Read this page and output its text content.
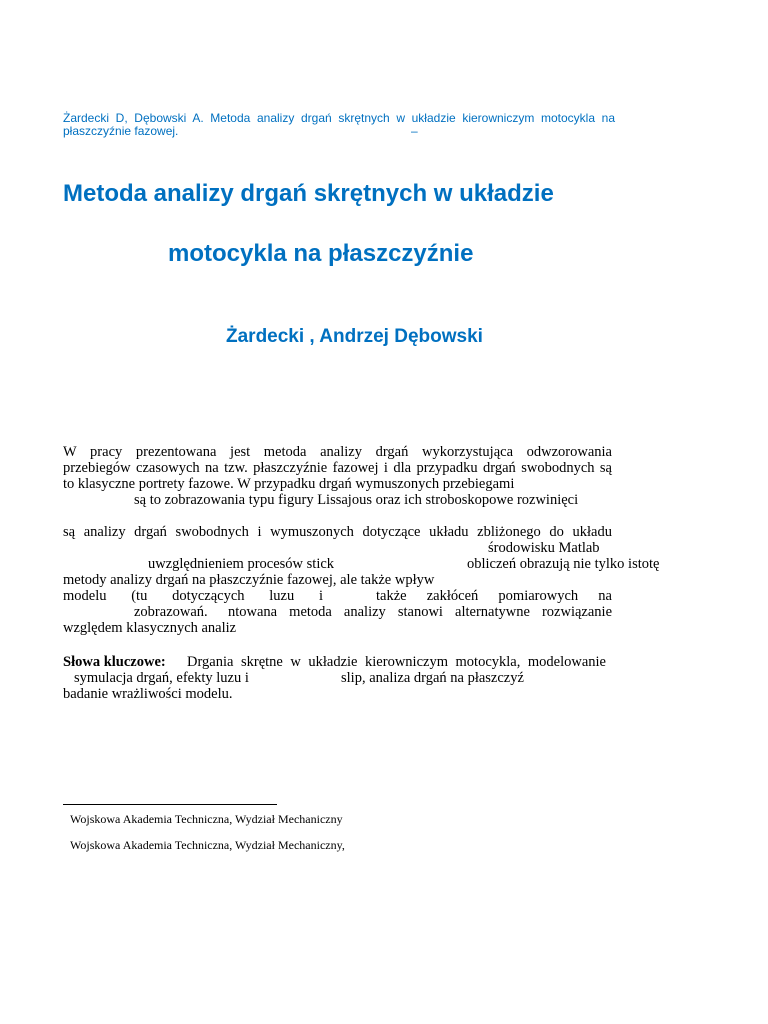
Żardecki D, Dębowski A. Metoda analizy drgań skrętnych w układzie kierowniczym motocykla na
płaszczyźnie fazowej.	–
Metoda analizy drgań skrętnych w układzie
motocykla na płaszczyźnie
Żardecki , Andrzej Dębowski
W pracy prezentowana jest metoda analizy drgań wykorzystująca odwzorowania
przebiegów czasowych na tzw. płaszczyźnie fazowej i dla przypadku drgań swobodnych są
to klasyczne portrety fazowe. W przypadku drgań wymuszonych przebiegami
są to zobrazowania typu figury Lissajous oraz ich stroboskopowe rozwinięci
są analizy drgań swobodnych i wymuszonych dotyczące układu zbliżonego do układu
środowisku Matlab
uwzględnieniem procesów stick	obliczeń obrazują nie tylko istotę
metody analizy drgań na płaszczyźnie fazowej, ale także wpływ
modelu (tu dotyczących luzu i	także zakłóceń pomiarowych na
zobrazowań. ntowana metoda analizy stanowi alternatywne rozwiązanie
względem klasycznych analiz
Słowa kluczowe: Drgania skrętne w układzie kierowniczym motocykla, modelowanie
symulacja drgań, efekty luzu i	slip, analiza drgań na płaszczyź
badanie wrażliwości modelu.
Wojskowa Akademia Techniczna, Wydział Mechaniczny
Wojskowa Akademia Techniczna, Wydział Mechaniczny,
